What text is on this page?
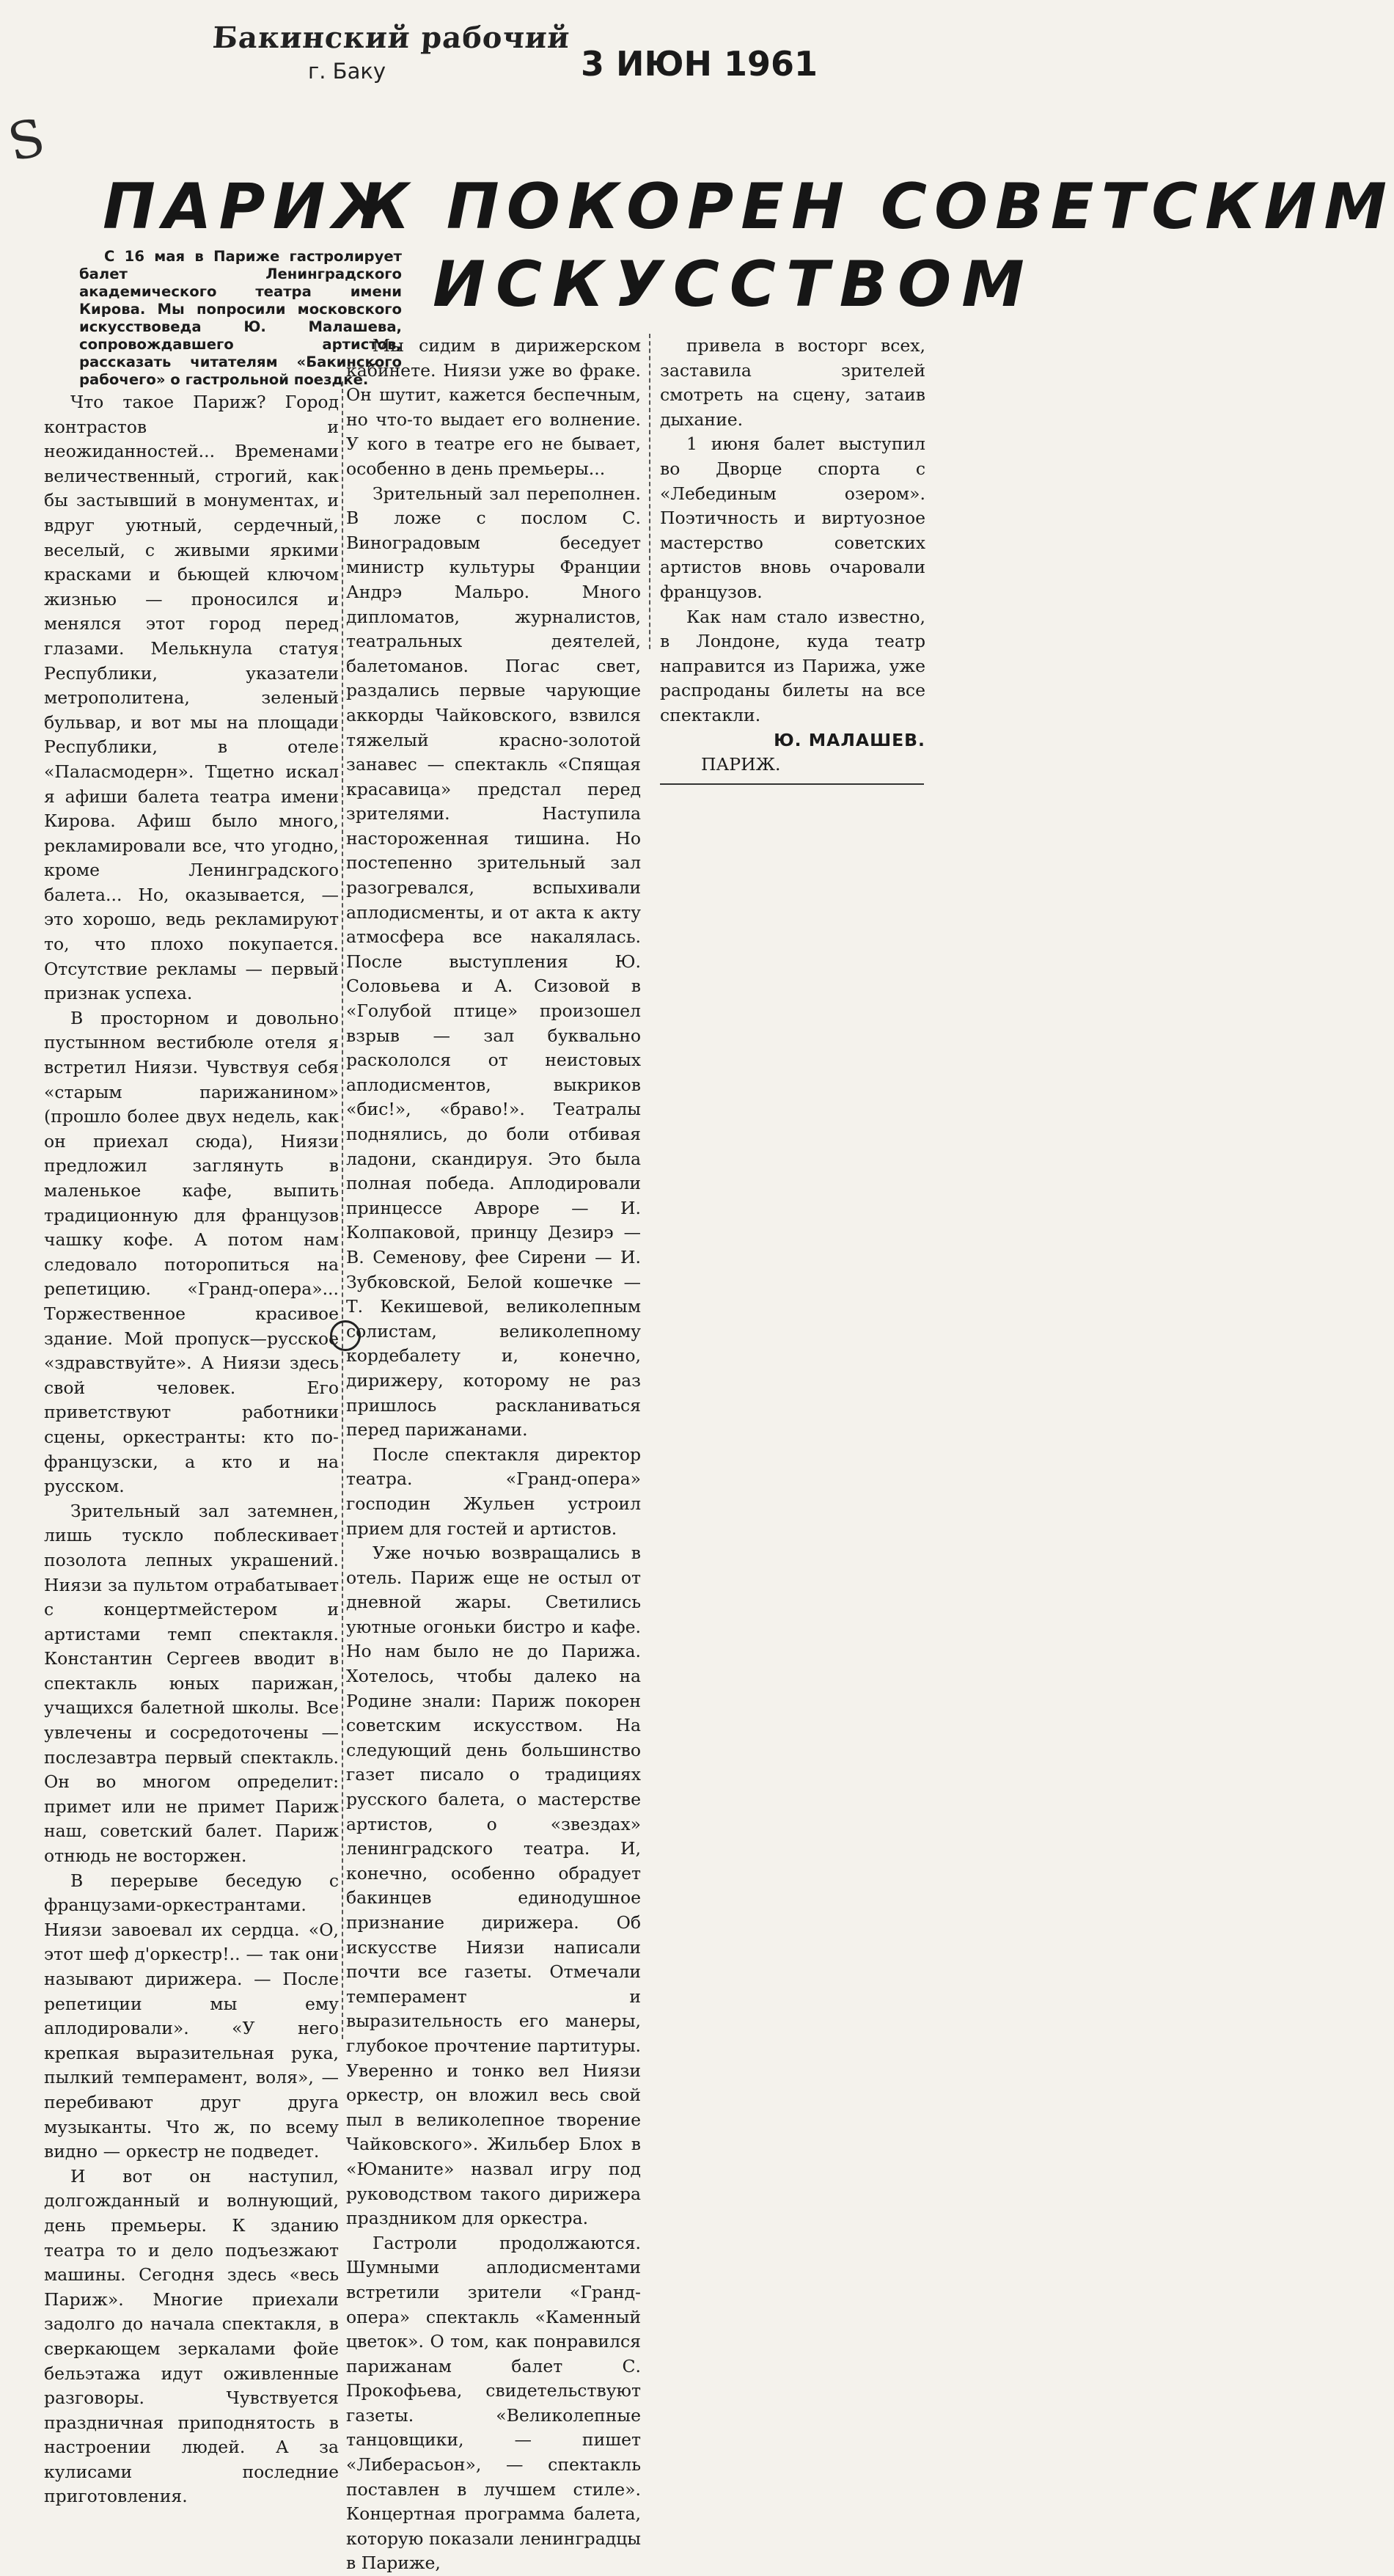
Бакинский рабочий
г. Баку	3 ИЮН 1961
S
ПАРИЖ ПОКОРЕН СОВЕТСКИМ
ИСКУССТВОМ

С 16 мая в Париже гастролирует балет Ленинградского академического театра имени Кирова. Мы попросили московского искусствоведа Ю. Малашева, сопровождавшего артистов, рассказать читателям «Бакинского рабочего» о гастрольной поездке.

Что такое Париж? Город контрастов и неожиданностей... Временами величественный, строгий, как бы застывший в монументах, и вдруг уютный, сердечный, веселый, с живыми яркими красками и бьющей ключом жизнью — проносился и менялся этот город перед глазами. Мелькнула статуя Республики, указатели метрополитена, зеленый бульвар, и вот мы на площади Республики, в отеле «Паласмодерн». Тщетно искал я афиши балета театра имени Кирова. Афиш было много, рекламировали все, что угодно, кроме Ленинградского балета... Но, оказывается, — это хорошо, ведь рекламируют то, что плохо покупается. Отсутствие рекламы — первый признак успеха.

В просторном и довольно пустынном вестибюле отеля я встретил Ниязи. Чувствуя себя «старым парижанином» (прошло более двух недель, как он приехал сюда), Ниязи предложил заглянуть в маленькое кафе, выпить традиционную для французов чашку кофе. А потом нам следовало поторопиться на репетицию. «Гранд-опера»... Торжественное красивое здание. Мой пропуск—русское «здравствуйте». А Ниязи здесь свой человек. Его приветствуют работники сцены, оркестранты: кто по-французски, а кто и на русском.

Зрительный зал затемнен, лишь тускло поблескивает позолота лепных украшений. Ниязи за пультом отрабатывает с концертмейстером и артистами темп спектакля. Константин Сергеев вводит в спектакль юных парижан, учащихся балетной школы. Все увлечены и сосредоточены — послезавтра первый спектакль. Он во многом определит: примет или не примет Париж наш, советский балет. Париж отнюдь не восторжен.

В перерыве беседую с французами-оркестрантами. Ниязи завоевал их сердца. «О, этот шеф д'оркестр!.. — так они называют дирижера. — После репетиции мы ему аплодировали». «У него крепкая выразительная рука, пылкий темперамент, воля», — перебивают друг друга музыканты. Что ж, по всему видно — оркестр не подведет.

И вот он наступил, долгожданный и волнующий, день премьеры. К зданию театра то и дело подъезжают машины. Сегодня здесь «весь Париж». Многие приехали задолго до начала спектакля, в сверкающем зеркалами фойе бельэтажа идут оживленные разговоры. Чувствуется праздничная приподнятость в настроении людей. А за кулисами последние приготовления.

Мы сидим в дирижерском кабинете. Ниязи уже во фраке. Он шутит, кажется беспечным, но что-то выдает его волнение. У кого в театре его не бывает, особенно в день премьеры...

Зрительный зал переполнен. В ложе с послом С. Виноградовым беседует министр культуры Франции Андрэ Мальро. Много дипломатов, журналистов, театральных деятелей, балетоманов. Погас свет, раздались первые чарующие аккорды Чайковского, взвился тяжелый красно-золотой занавес — спектакль «Спящая красавица» предстал перед зрителями. Наступила настороженная тишина. Но постепенно зрительный зал разогревался, вспыхивали аплодисменты, и от акта к акту атмосфера все накалялась. После выступления Ю. Соловьева и А. Сизовой в «Голубой птице» произошел взрыв — зал буквально раскололся от неистовых аплодисментов, выкриков «бис!», «браво!». Театралы поднялись, до боли отбивая ладони, скандируя. Это была полная победа. Аплодировали принцессе Авроре — И. Колпаковой, принцу Дезирэ — В. Семенову, фее Сирени — И. Зубковской, Белой кошечке — Т. Кекишевой, великолепным солистам, великолепному кордебалету и, конечно, дирижеру, которому не раз пришлось раскланиваться перед парижанами.

После спектакля директор театра. «Гранд-опера» господин Жульен устроил прием для гостей и артистов.

Уже ночью возвращались в отель. Париж еще не остыл от дневной жары. Светились уютные огоньки бистро и кафе. Но нам было не до Парижа. Хотелось, чтобы далеко на Родине знали: Париж покорен советским искусством. На следующий день большинство газет писало о традициях русского балета, о мастерстве артистов, о «звездах» ленинградского театра. И, конечно, особенно обрадует бакинцев единодушное признание дирижера. Об искусстве Ниязи написали почти все газеты. Отмечали темперамент и выразительность его манеры, глубокое прочтение партитуры. Уверенно и тонко вел Ниязи оркестр, он вложил весь свой пыл в великолепное творение Чайковского». Жильбер Блох в «Юманите» назвал игру под руководством такого дирижера праздником для оркестра.

Гастроли продолжаются. Шумными аплодисментами встретили зрители «Гранд-опера» спектакль «Каменный цветок». О том, как понравился парижанам балет С. Прокофьева, свидетельствуют газеты. «Великолепные танцовщики, — пишет «Либерасьон», — спектакль поставлен в лучшем стиле». Концертная программа балета, которую показали ленинградцы в Париже,

привела в восторг всех, заставила зрителей смотреть на сцену, затаив дыхание.

1 июня балет выступил во Дворце спорта с «Лебединым озером». Поэтичность и виртуозное мастерство советских артистов вновь очаровали французов.

Как нам стало известно, в Лондоне, куда театр направится из Парижа, уже распроданы билеты на все спектакли.

Ю. МАЛАШЕВ.

ПАРИЖ.
